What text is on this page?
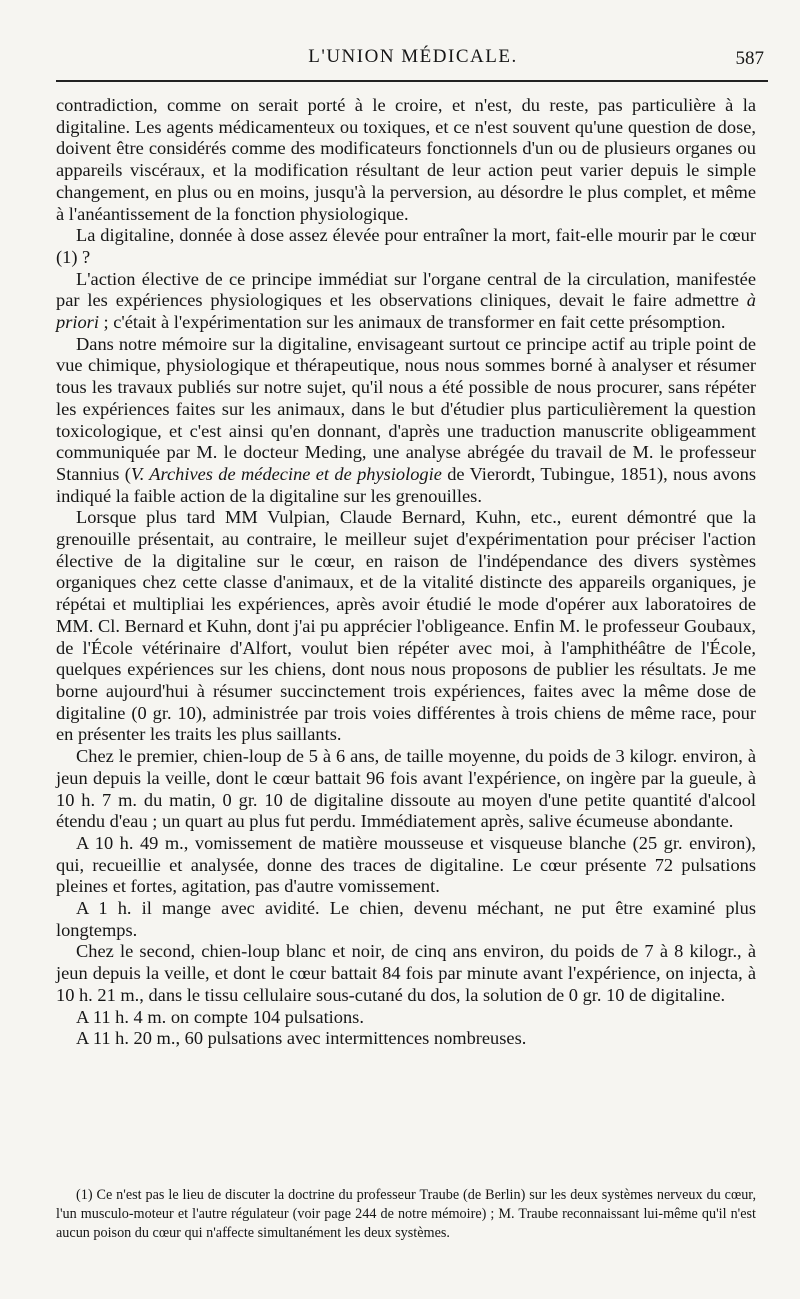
L'UNION MÉDICALE.	587

contradiction, comme on serait porté à le croire, et n'est, du reste, pas particulière à la digitaline. Les agents médicamenteux ou toxiques, et ce n'est souvent qu'une question de dose, doivent être considérés comme des modificateurs fonctionnels d'un ou de plusieurs organes ou appareils viscéraux, et la modification résultant de leur action peut varier depuis le simple changement, en plus ou en moins, jusqu'à la perversion, au désordre le plus complet, et même à l'anéantissement de la fonction physiologique.

La digitaline, donnée à dose assez élevée pour entraîner la mort, fait-elle mourir par le cœur (1) ?

L'action élective de ce principe immédiat sur l'organe central de la circulation, manifestée par les expériences physiologiques et les observations cliniques, devait le faire admettre à priori ; c'était à l'expérimentation sur les animaux de transformer en fait cette présomption.

Dans notre mémoire sur la digitaline, envisageant surtout ce principe actif au triple point de vue chimique, physiologique et thérapeutique, nous nous sommes borné à analyser et résumer tous les travaux publiés sur notre sujet, qu'il nous a été possible de nous procurer, sans répéter les expériences faites sur les animaux, dans le but d'étudier plus particulièrement la question toxicologique, et c'est ainsi qu'en donnant, d'après une traduction manuscrite obligeamment communiquée par M. le docteur Meding, une analyse abrégée du travail de M. le professeur Stannius (V. Archives de médecine et de physiologie de Vierordt, Tubingue, 1851), nous avons indiqué la faible action de la digitaline sur les grenouilles.

Lorsque plus tard MM Vulpian, Claude Bernard, Kuhn, etc., eurent démontré que la grenouille présentait, au contraire, le meilleur sujet d'expérimentation pour préciser l'action élective de la digitaline sur le cœur, en raison de l'indépendance des divers systèmes organiques chez cette classe d'animaux, et de la vitalité distincte des appareils organiques, je répétai et multipliai les expériences, après avoir étudié le mode d'opérer aux laboratoires de MM. Cl. Bernard et Kuhn, dont j'ai pu apprécier l'obligeance. Enfin M. le professeur Goubaux, de l'École vétérinaire d'Alfort, voulut bien répéter avec moi, à l'amphithéâtre de l'École, quelques expériences sur les chiens, dont nous nous proposons de publier les résultats. Je me borne aujourd'hui à résumer succinctement trois expériences, faites avec la même dose de digitaline (0 gr. 10), administrée par trois voies différentes à trois chiens de même race, pour en présenter les traits les plus saillants.

Chez le premier, chien-loup de 5 à 6 ans, de taille moyenne, du poids de 3 kilogr. environ, à jeun depuis la veille, dont le cœur battait 96 fois avant l'expérience, on ingère par la gueule, à 10 h. 7 m. du matin, 0 gr. 10 de digitaline dissoute au moyen d'une petite quantité d'alcool étendu d'eau ; un quart au plus fut perdu. Immédiatement après, salive écumeuse abondante.

A 10 h. 49 m., vomissement de matière mousseuse et visqueuse blanche (25 gr. environ), qui, recueillie et analysée, donne des traces de digitaline. Le cœur présente 72 pulsations pleines et fortes, agitation, pas d'autre vomissement.

A 1 h. il mange avec avidité. Le chien, devenu méchant, ne put être examiné plus longtemps.

Chez le second, chien-loup blanc et noir, de cinq ans environ, du poids de 7 à 8 kilogr., à jeun depuis la veille, et dont le cœur battait 84 fois par minute avant l'expérience, on injecta, à 10 h. 21 m., dans le tissu cellulaire sous-cutané du dos, la solution de 0 gr. 10 de digitaline.

A 11 h. 4 m. on compte 104 pulsations.

A 11 h. 20 m., 60 pulsations avec intermittences nombreuses.

(1) Ce n'est pas le lieu de discuter la doctrine du professeur Traube (de Berlin) sur les deux systèmes nerveux du cœur, l'un musculo-moteur et l'autre régulateur (voir page 244 de notre mémoire) ; M. Traube reconnaissant lui-même qu'il n'est aucun poison du cœur qui n'affecte simultanément les deux systèmes.
